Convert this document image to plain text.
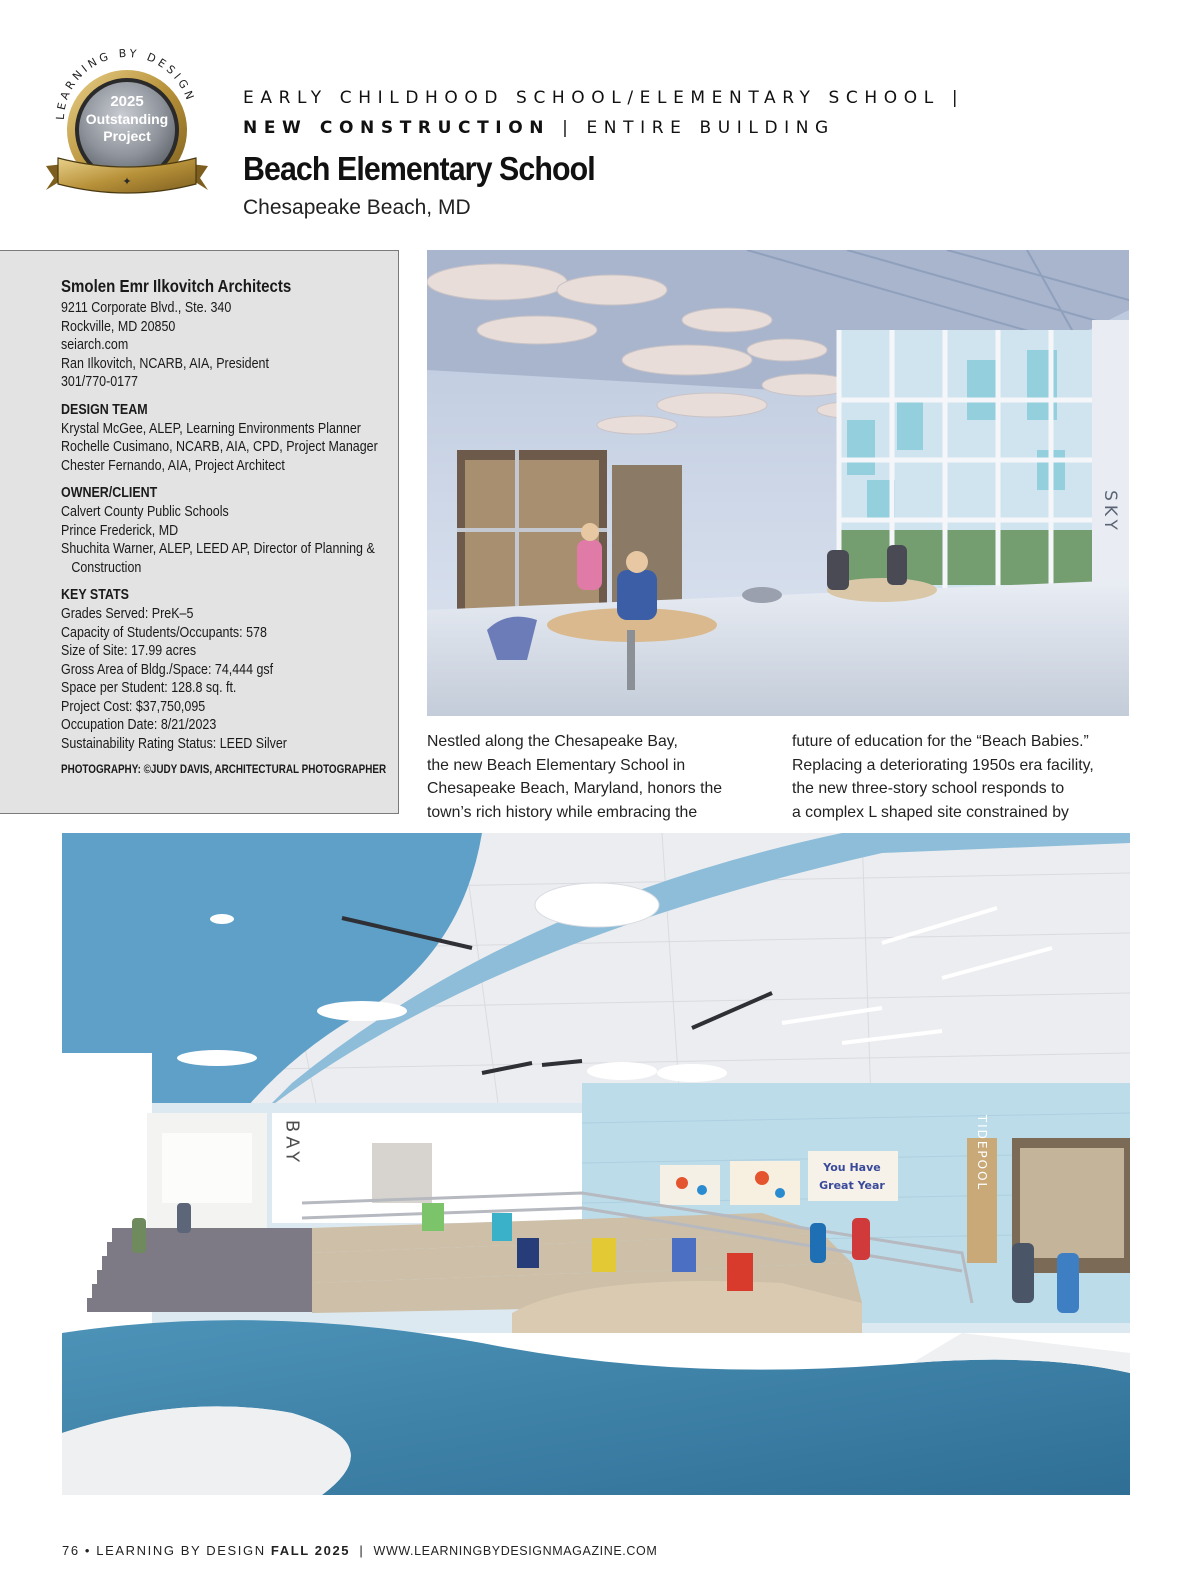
LEARNING BY DESIGN
✦
2025
Outstanding
Project
EARLY CHILDHOOD SCHOOL/ELEMENTARY SCHOOL |
NEW CONSTRUCTION | ENTIRE BUILDING
Beach Elementary School
Chesapeake Beach, MD
Smolen Emr Ilkovitch Architects
9211 Corporate Blvd., Ste. 340
Rockville, MD 20850
seiarch.com
Ran Ilkovitch, NCARB, AIA, President
301/770-0177
DESIGN TEAM
Krystal McGee, ALEP, Learning Environments Planner
Rochelle Cusimano, NCARB, AIA, CPD, Project Manager
Chester Fernando, AIA, Project Architect
OWNER/CLIENT
Calvert County Public Schools
Prince Frederick, MD
Shuchita Warner, ALEP, LEED AP, Director of Planning &
Construction
KEY STATS
Grades Served: PreK–5
Capacity of Students/Occupants: 578
Size of Site: 17.99 acres
Gross Area of Bldg./Space: 74,444 gsf
Space per Student: 128.8 sq. ft.
Project Cost: $37,750,095
Occupation Date: 8/21/2023
Sustainability Rating Status: LEED Silver
PHOTOGRAPHY: ©JUDY DAVIS, ARCHITECTURAL PHOTOGRAPHER
SKY

Nestled along the Chesapeake Bay,
the new Beach Elementary School in
Chesapeake Beach, Maryland, honors the
town’s rich history while embracing the

future of education for the “Beach Babies.”
Replacing a deteriorating 1950s era facility,
the new three-story school responds to
a complex L shaped site constrained by

BAY	TIDEPOOL
You Have
Great Year
76 • LEARNING BY DESIGN FALL 2025 | WWW.LEARNINGBYDESIGNMAGAZINE.COM
